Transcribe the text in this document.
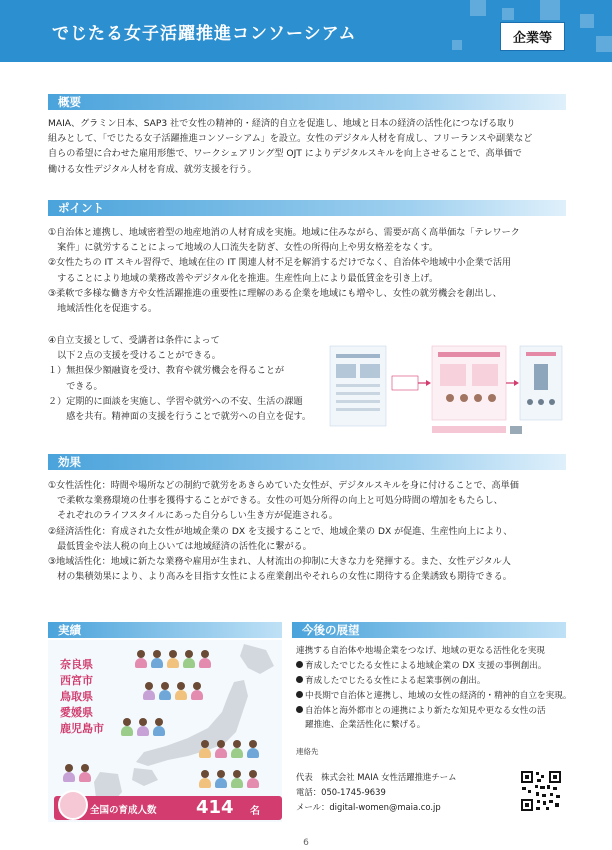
でじたる女子活躍推進コンソーシアム	企業等
概要
MAIA、グラミン日本、SAP3 社で女性の精神的・経済的自立を促進し、地域と日本の経済の活性化につなげる取り
組みとして、「でじたる女子活躍推進コンソーシアム」を設立。女性のデジタル人材を育成し、フリーランスや副業など
自らの希望に合わせた雇用形態で、ワークシェアリング型 OJT によりデジタルスキルを向上させることで、高単価で
働ける女性デジタル人材を育成、就労支援を行う。
ポイント
①自治体と連携し、地域密着型の地産地消の人材育成を実施。地域に住みながら、需要が高く高単価な「テレワーク
　案件」に就労することによって地域の人口流失を防ぎ、女性の所得向上や男女格差をなくす。
②女性たちの IT スキル習得で、地域在住の IT 関連人材不足を解消するだけでなく、自治体や地域中小企業で活用
　することにより地域の業務改善やデジタル化を推進。生産性向上により最低賃金を引き上げ。
③柔軟で多様な働き方や女性活躍推進の重要性に理解のある企業を地域にも増やし、女性の就労機会を創出し、
　地域活性化を促進する。
④自立支援として、受講者は条件によって
　以下２点の支援を受けることができる。
１）無担保少額融資を受け、教育や就労機会を得ることが
　　できる。
２）定期的に面談を実施し、学習や就労への不安、生活の課題
　　感を共有。精神面の支援を行うことで就労への自立を促す。
効果
①女性活性化：時間や場所などの制約で就労をあきらめていた女性が、デジタルスキルを身に付けることで、高単価
　で柔軟な業務環境の仕事を獲得することができる。女性の可処分所得の向上と可処分時間の増加をもたらし、
　それぞれのライフスタイルにあった自分らしい生き方が促進される。
②経済活性化：育成された女性が地域企業の DX を支援することで、地域企業の DX が促進、生産性向上により、
　最低賃金や法人税の向上ひいては地域経済の活性化に繋がる。
③地域活性化：地域に新たな業務や雇用が生まれ、人材流出の抑制に大きな力を発揮する。また、女性デジタル人
　材の集積効果により、より高みを目指す女性による産業創出やそれらの女性に期待する企業誘致も期待できる。
実績
奈良県
西宮市
鳥取県
愛媛県
鹿児島市
全国の育成人数 414 名
今後の展望
連携する自治体や地場企業をつなげ、地域の更なる活性化を実現
育成したでじたる女性による地域企業の DX 支援の事例創出。
育成したでじたる女性による起業事例の創出。
中長期で自治体と連携し、地域の女性の経済的・精神的自立を実現。
自治体と海外都市との連携により新たな知見や更なる女性の活
躍推進、企業活性化に繋げる。
連絡先
代表　株式会社 MAIA 女性活躍推進チーム
電話：050-1745-9639
メール：digital-women@maia.co.jp
6
